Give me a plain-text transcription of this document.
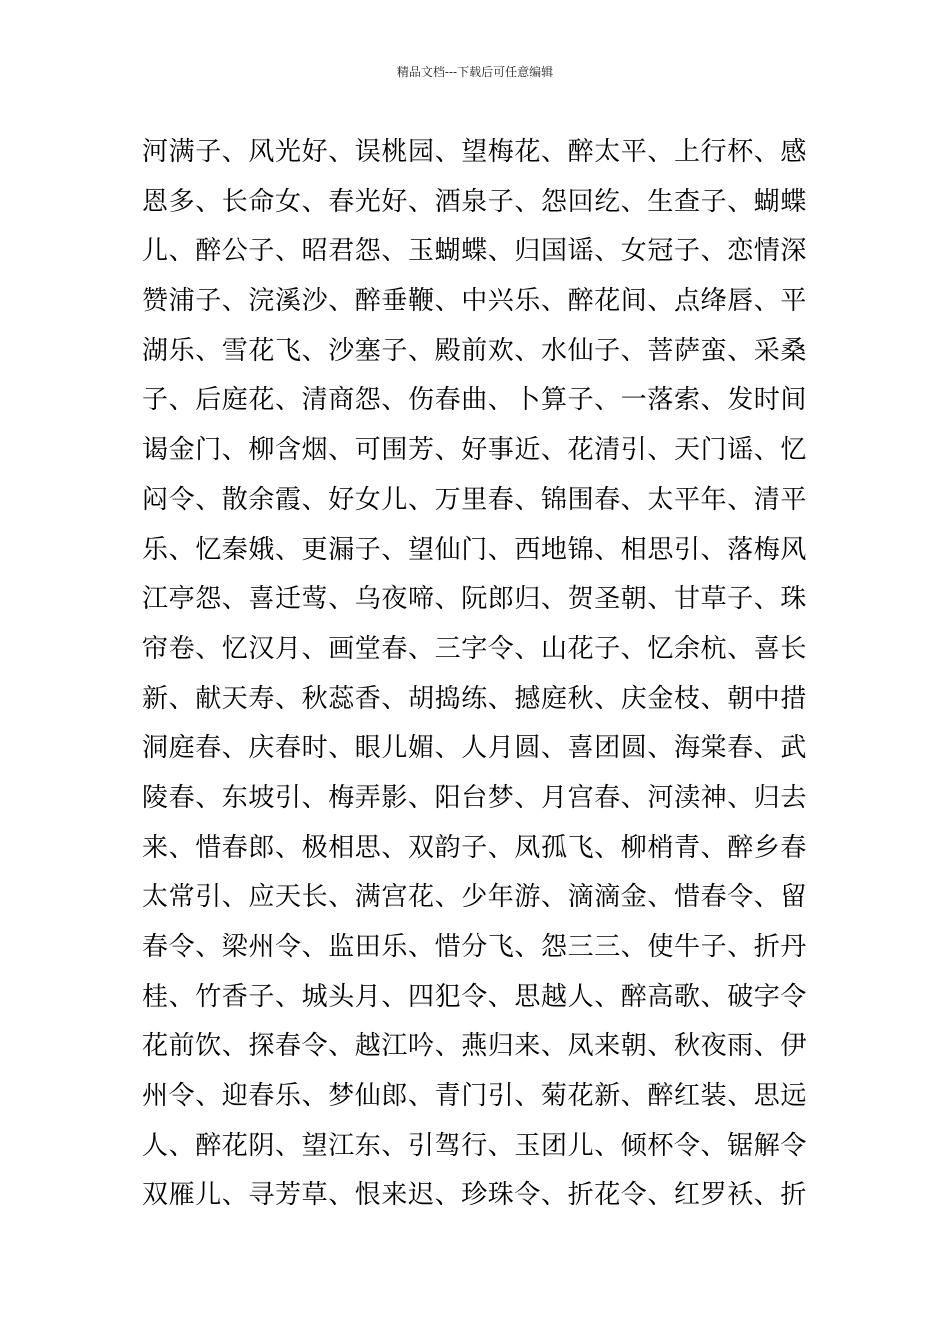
精品文档---下载后可任意编辑
河满子、风光好、误桃园、望梅花、醉太平、上行杯、感
恩多、长命女、春光好、酒泉子、怨回纥、生查子、蝴蝶
儿、醉公子、昭君怨、玉蝴蝶、归国谣、女冠子、恋情深
赞浦子、浣溪沙、醉垂鞭、中兴乐、醉花间、点绛唇、平
湖乐、雪花飞、沙塞子、殿前欢、水仙子、菩萨蛮、采桑
子、后庭花、清商怨、伤春曲、卜算子、一落索、发时间
谒金门、柳含烟、可围芳、好事近、花清引、天门谣、忆
闷令、散余霞、好女儿、万里春、锦围春、太平年、清平
乐、忆秦娥、更漏子、望仙门、西地锦、相思引、落梅风
江亭怨、喜迁莺、乌夜啼、阮郎归、贺圣朝、甘草子、珠
帘卷、忆汉月、画堂春、三字令、山花子、忆余杭、喜长
新、献天寿、秋蕊香、胡捣练、撼庭秋、庆金枝、朝中措
洞庭春、庆春时、眼儿媚、人月圆、喜团圆、海棠春、武
陵春、东坡引、梅弄影、阳台梦、月宫春、河渎神、归去
来、惜春郎、极相思、双韵子、凤孤飞、柳梢青、醉乡春
太常引、应天长、满宫花、少年游、滴滴金、惜春令、留
春令、梁州令、监田乐、惜分飞、怨三三、使牛子、折丹
桂、竹香子、城头月、四犯令、思越人、醉高歌、破字令
花前饮、探春令、越江吟、燕归来、凤来朝、秋夜雨、伊
州令、迎春乐、梦仙郎、青门引、菊花新、醉红装、思远
人、醉花阴、望江东、引驾行、玉团儿、倾杯令、锯解令
双雁儿、寻芳草、恨来迟、珍珠令、折花令、红罗袄、折
